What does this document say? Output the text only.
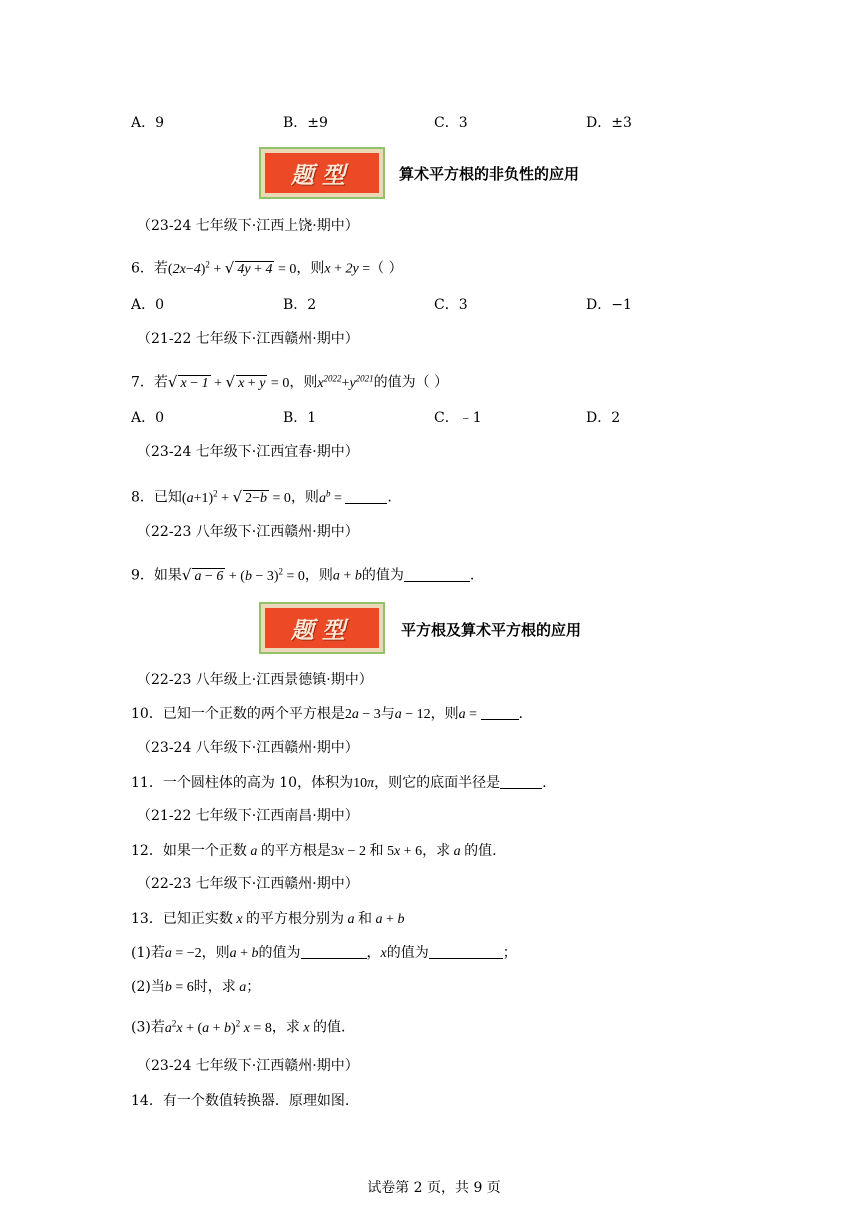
A．9	B．±9	C．3	D．±3
题型	算术平方根的非负性的应用
（23-24 七年级下·江西上饶·期中）
6．若$(2x-4)^2$ + √ 4y + 4 = 0，则x + 2y =（ ）
A．0	B．2	C．3	D．−1
（21-22 七年级下·江西赣州·期中）
7．若√ x − 1 + √ x + y = 0，则$x^{2022}+y^{2021}$的值为（ ）
A．0	B．1	C．﹣1	D．2
（23-24 七年级下·江西宜春·期中）
8．已知$(a+1)^2$ + √ 2−b = 0，则$a^b$ =	.
（22-23 八年级下·江西赣州·期中）
9．如果√ $a - 6 + (b - 3)^2 = 0$，则a + b的值为	.
题型	平方根及算术平方根的应用
（22-23 八年级上·江西景德镇·期中）
10．已知一个正数的两个平方根是2a − 3与a − 12，则a =	.
（23-24 八年级下·江西赣州·期中）
11．一个圆柱体的高为 10，体积为10π，则它的底面半径是	.
（21-22 七年级下·江西南昌·期中）
12．如果一个正数 a 的平方根是3x − 2 和 5x + 6，求 a 的值.
（22-23 七年级下·江西赣州·期中）
13．已知正实数 x 的平方根分别为 a 和 a + b
(1)若a = −2，则a + b的值为	，x的值为	；
(2)当b = 6时，求 a；
(3)若$a^2x + (a + b)^2$ x = 8，求 x 的值.
（23-24 七年级下·江西赣州·期中）
14．有一个数值转换器．原理如图.
试卷第 2 页，共 9 页
